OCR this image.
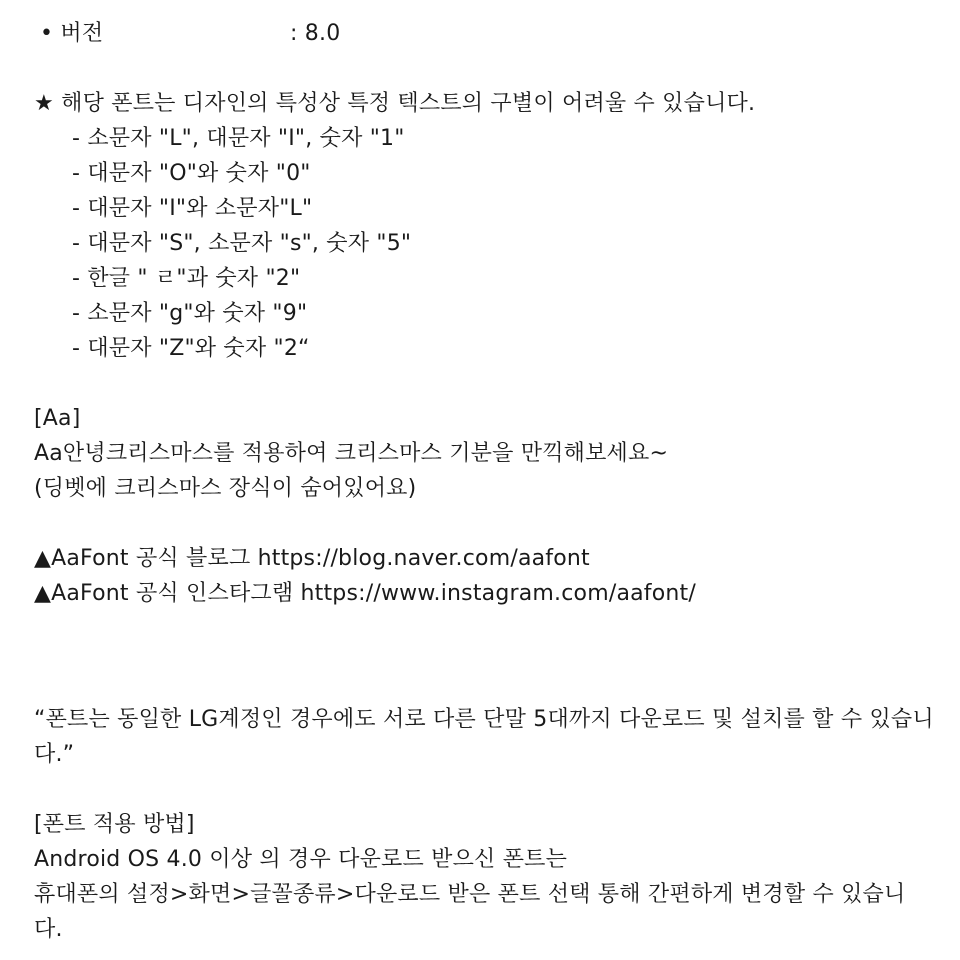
• 버전	: 8.0
★ 해당 폰트는 디자인의 특성상 특정 텍스트의 구별이 어려울 수 있습니다.
- 소문자 "L", 대문자 "I", 숫자 "1"
- 대문자 "O"와 숫자 "0"
- 대문자 "I"와 소문자"L"
- 대문자 "S", 소문자 "s", 숫자 "5"
- 한글 " ㄹ"과 숫자 "2"
- 소문자 "g"와 숫자 "9"
- 대문자 "Z"와 숫자 "2“
[Aa]
Aa안녕크리스마스를 적용하여 크리스마스 기분을 만끽해보세요~
(딩벳에 크리스마스 장식이 숨어있어요)
▲AaFont 공식 블로그 https://blog.naver.com/aafont
▲AaFont 공식 인스타그램 https://www.instagram.com/aafont/
“폰트는 동일한 LG계정인 경우에도 서로 다른 단말 5대까지 다운로드 및 설치를 할 수 있습니다.”
[폰트 적용 방법]
Android OS 4.0 이상 의 경우 다운로드 받으신 폰트는
휴대폰의 설정>화면>글꼴종류>다운로드 받은 폰트 선택 통해 간편하게 변경할 수 있습니다.
